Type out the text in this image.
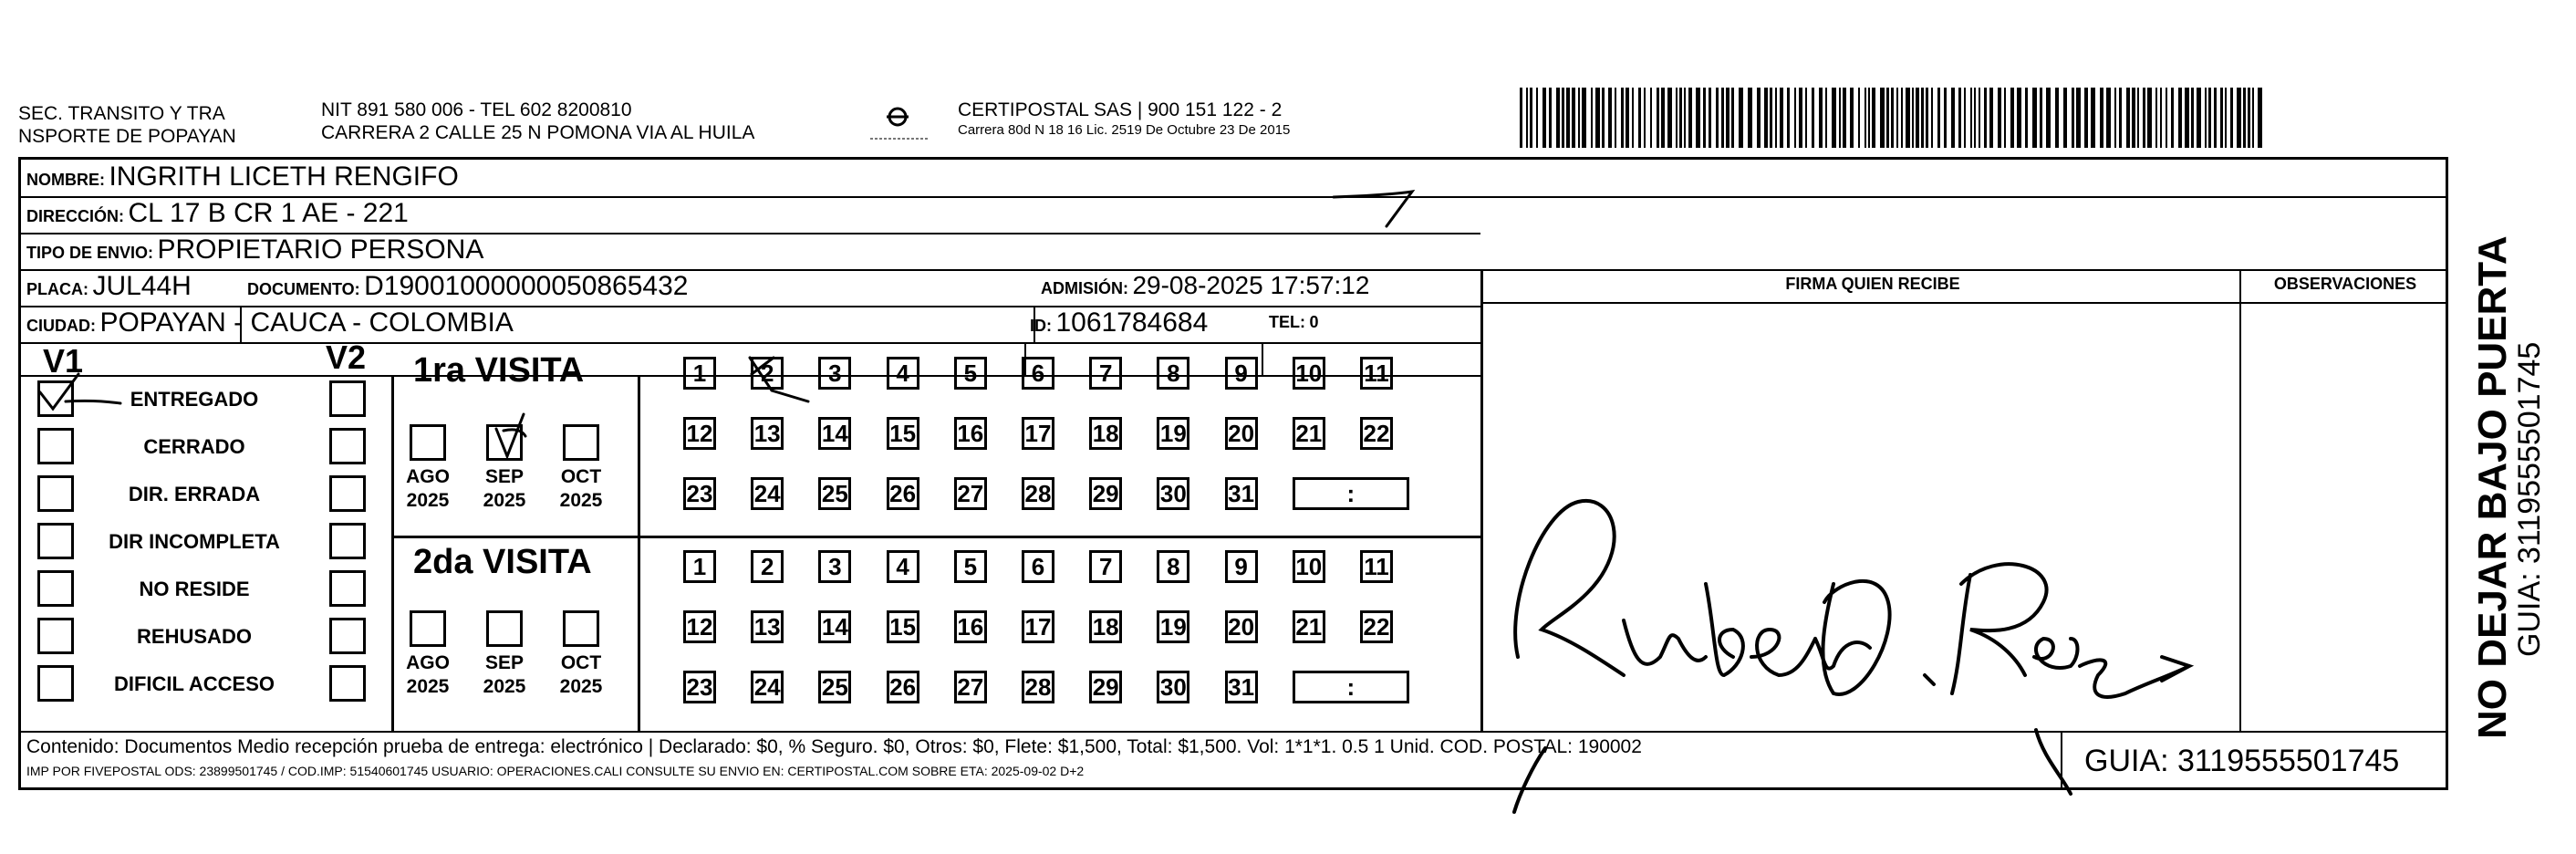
SEC. TRANSITO Y TRA
NSPORTE DE POPAYAN
NIT 891 580 006 - TEL 602 8200810
CARRERA 2 CALLE 25 N POMONA VIA AL HUILA
CERTIPOSTAL SAS | 900 151 122 - 2
Carrera 80d N 18 16 Lic. 2519 De Octubre 23 De 2015
NOMBRE: INGRITH LICETH RENGIFO
DIRECCIÓN: CL 17 B CR 1 AE - 221
TIPO DE ENVIO: PROPIETARIO PERSONA
PLACA: JUL44H	DOCUMENTO: D19001000000050865432	ADMISIÓN: 29-08-2025 17:57:12
CIUDAD: POPAYAN - CAUCA - COLOMBIA	ID: 1061784684	TEL: 0
FIRMA QUIEN RECIBE	OBSERVACIONES
V1	V2
ENTREGADO
CERRADO
DIR. ERRADA
DIR INCOMPLETA
NO RESIDE
REHUSADO
DIFICIL ACCESO
1ra VISITA
2da VISITA
AGO
2025
SEP
2025
OCT
2025
AGO
2025
SEP
2025
OCT
2025
1	2	3	4	5	6	7	8	9	10 11
12 13 14 15 16 17 18 19 20 21 22
23 24 25 26 27 28 29 30 31	:
1	2	3	4	5	6	7	8	9	10 11
12 13 14 15 16 17 18 19 20 21 22
23 24 25 26 27 28 29 30 31	:
Contenido: Documentos Medio recepción prueba de entrega: electrónico | Declarado: $0, % Seguro. $0, Otros: $0, Flete: $1,500, Total: $1,500. Vol: 1*1*1. 0.5 1 Unid. COD. POSTAL: 190002
IMP POR FIVEPOSTAL ODS: 23899501745 / COD.IMP: 51540601745 USUARIO: OPERACIONES.CALI CONSULTE SU ENVIO EN: CERTIPOSTAL.COM SOBRE ETA: 2025-09-02 D+2	GUIA: 3119555501745
NO DEJAR BAJO PUERTA
GUIA: 3119555501745
